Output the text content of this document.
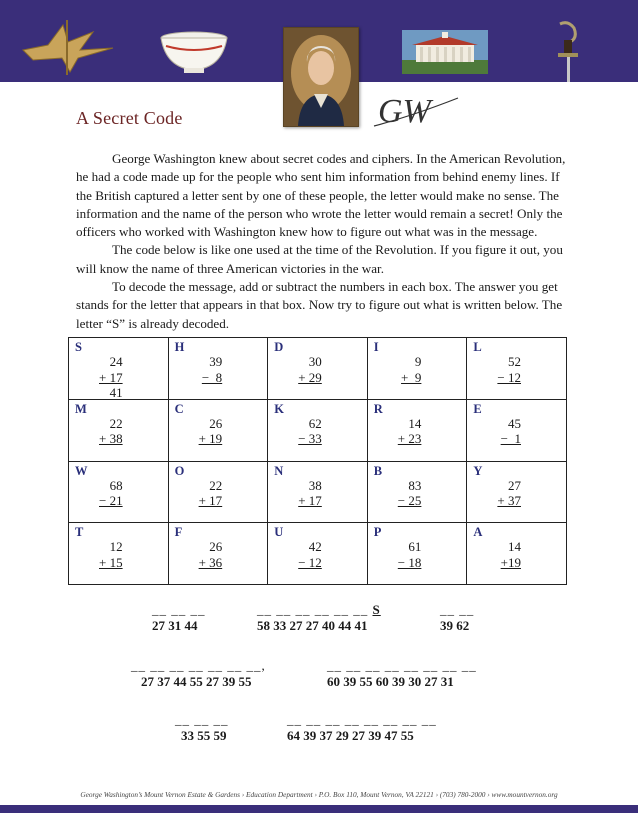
GW
A Secret Code

George Washington knew about secret codes and ciphers. In the American Revolution, he had a code made up for the people who sent him information from behind enemy lines. If the British captured a letter sent by one of these people, the letter would make no sense. The information and the name of the person who wrote the letter would remain a secret! Only the officers who worked with Washington knew how to figure out what was in the message.

The code below is like one used at the time of the Revolution. If you figure it out, you will know the name of three American victories in the war.

To decode the message, add or subtract the numbers in each box. The answer you get stands for the letter that appears in that box. Now try to figure out what is written below. The letter “S” is already decoded.

S
24
+ 17
41
H
39
−  8
D
30
+ 29
I
9
+  9
L
52
− 12
M
22
+ 38
C
26
+ 19
K
62
− 33
R
14
+ 23
E
45
−  1
W
68
− 21
O
22
+ 17
N
38
+ 17
B
83
− 25
Y
27
+ 37
T
12
+ 15
F
26
+ 36
U
42
− 12
P
61
− 18
A
14
+19
__ __ __
27 31 44
__ __ __ __ __ __ S
58 33 27 27 40 44 41
__ __
39 62
__ __ __ __ __ __ __,
27 37 44 55 27 39 55
__ __ __ __ __ __ __ __
60 39 55 60 39 30 27 31
__ __ __
33 55 59
__ __ __ __ __ __ __ __
64 39 37 29 27 39 47 55
George Washington’s Mount Vernon Estate & Gardens › Education Department › P.O. Box 110, Mount Vernon, VA 22121 › (703) 780-2000 › www.mountvernon.org
